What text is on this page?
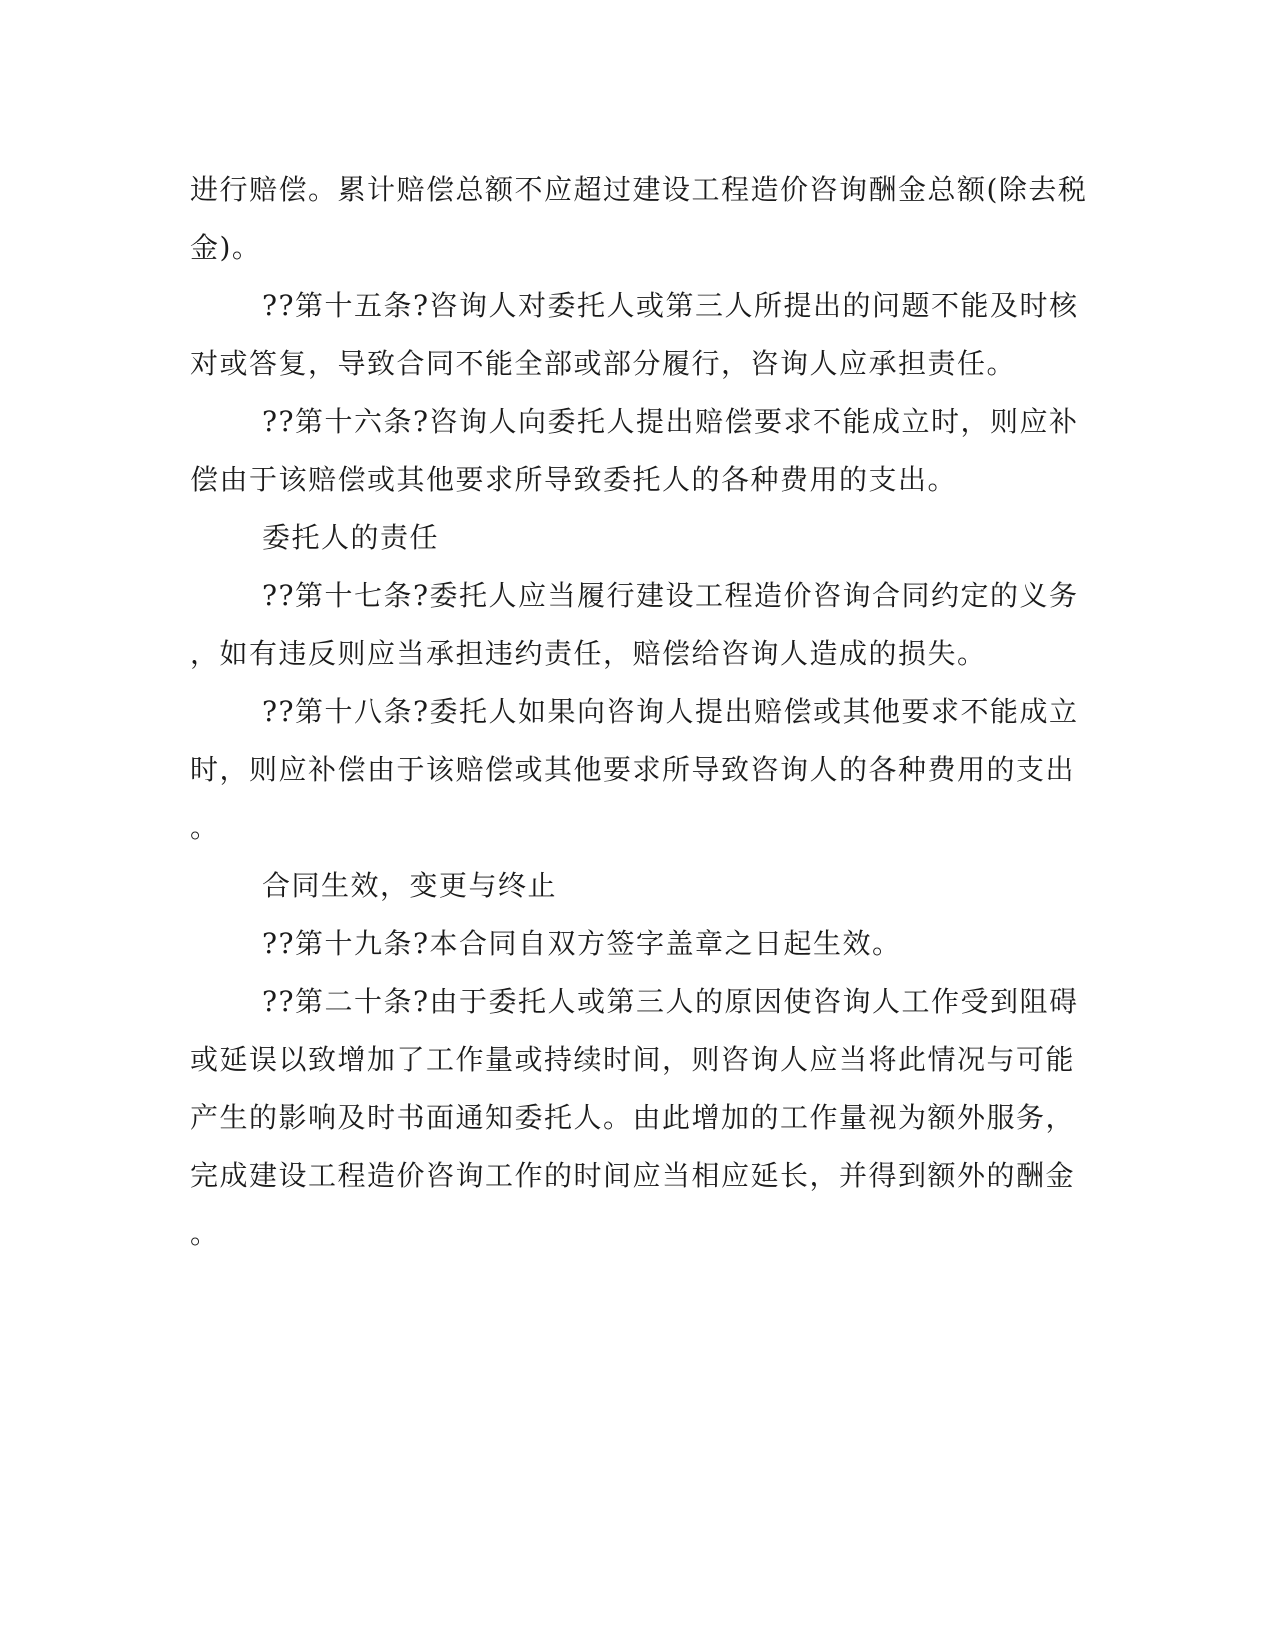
进行赔偿。累计赔偿总额不应超过建设工程造价咨询酬金总额(除去税
金)。
??第十五条?咨询人对委托人或第三人所提出的问题不能及时核
对或答复，导致合同不能全部或部分履行，咨询人应承担责任。
??第十六条?咨询人向委托人提出赔偿要求不能成立时，则应补
偿由于该赔偿或其他要求所导致委托人的各种费用的支出。
委托人的责任
??第十七条?委托人应当履行建设工程造价咨询合同约定的义务
，如有违反则应当承担违约责任，赔偿给咨询人造成的损失。
??第十八条?委托人如果向咨询人提出赔偿或其他要求不能成立
时，则应补偿由于该赔偿或其他要求所导致咨询人的各种费用的支出
。
合同生效，变更与终止
??第十九条?本合同自双方签字盖章之日起生效。
??第二十条?由于委托人或第三人的原因使咨询人工作受到阻碍
或延误以致增加了工作量或持续时间，则咨询人应当将此情况与可能
产生的影响及时书面通知委托人。由此增加的工作量视为额外服务，
完成建设工程造价咨询工作的时间应当相应延长，并得到额外的酬金
。
